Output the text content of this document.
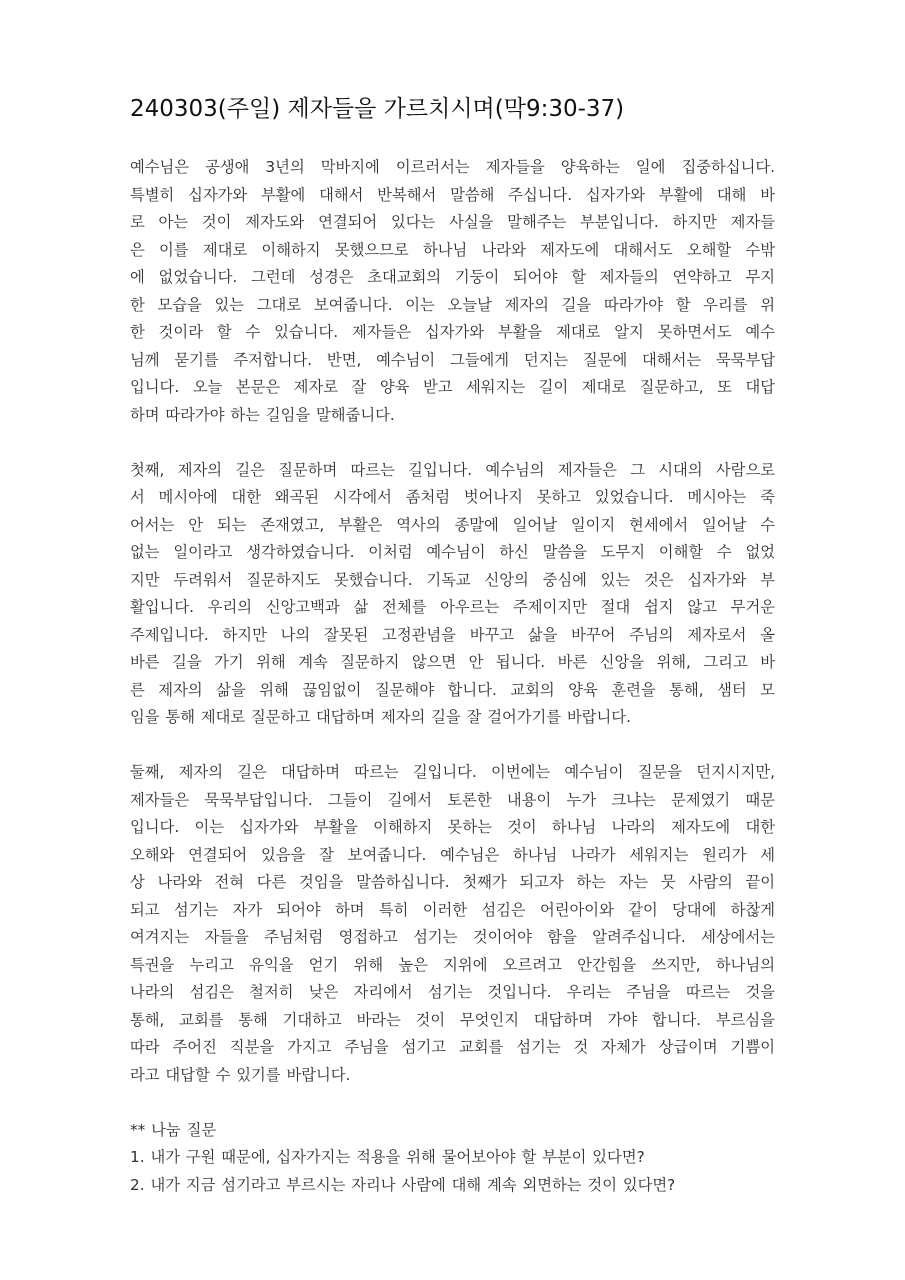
240303(주일) 제자들을 가르치시며(막9:30-37)
예수님은 공생애 3년의 막바지에 이르러서는 제자들을 양육하는 일에 집중하십니다.
특별히 십자가와 부활에 대해서 반복해서 말씀해 주십니다. 십자가와 부활에 대해 바
로 아는 것이 제자도와 연결되어 있다는 사실을 말해주는 부분입니다. 하지만 제자들
은 이를 제대로 이해하지 못했으므로 하나님 나라와 제자도에 대해서도 오해할 수밖
에 없었습니다. 그런데 성경은 초대교회의 기둥이 되어야 할 제자들의 연약하고 무지
한 모습을 있는 그대로 보여줍니다. 이는 오늘날 제자의 길을 따라가야 할 우리를 위
한 것이라 할 수 있습니다. 제자들은 십자가와 부활을 제대로 알지 못하면서도 예수
님께 묻기를 주저합니다. 반면, 예수님이 그들에게 던지는 질문에 대해서는 묵묵부답
입니다. 오늘 본문은 제자로 잘 양육 받고 세워지는 길이 제대로 질문하고, 또 대답
하며 따라가야 하는 길임을 말해줍니다.
첫째, 제자의 길은 질문하며 따르는 길입니다. 예수님의 제자들은 그 시대의 사람으로
서 메시아에 대한 왜곡된 시각에서 좀처럼 벗어나지 못하고 있었습니다. 메시아는 죽
어서는 안 되는 존재였고, 부활은 역사의 종말에 일어날 일이지 현세에서 일어날 수
없는 일이라고 생각하였습니다. 이처럼 예수님이 하신 말씀을 도무지 이해할 수 없었
지만 두려워서 질문하지도 못했습니다. 기독교 신앙의 중심에 있는 것은 십자가와 부
활입니다. 우리의 신앙고백과 삶 전체를 아우르는 주제이지만 절대 쉽지 않고 무거운
주제입니다. 하지만 나의 잘못된 고정관념을 바꾸고 삶을 바꾸어 주님의 제자로서 올
바른 길을 가기 위해 계속 질문하지 않으면 안 됩니다. 바른 신앙을 위해, 그리고 바
른 제자의 삶을 위해 끊임없이 질문해야 합니다. 교회의 양육 훈련을 통해, 샘터 모
임을 통해 제대로 질문하고 대답하며 제자의 길을 잘 걸어가기를 바랍니다.
둘째, 제자의 길은 대답하며 따르는 길입니다. 이번에는 예수님이 질문을 던지시지만,
제자들은 묵묵부답입니다. 그들이 길에서 토론한 내용이 누가 크냐는 문제였기 때문
입니다. 이는 십자가와 부활을 이해하지 못하는 것이 하나님 나라의 제자도에 대한
오해와 연결되어 있음을 잘 보여줍니다. 예수님은 하나님 나라가 세워지는 원리가 세
상 나라와 전혀 다른 것임을 말씀하십니다. 첫째가 되고자 하는 자는 뭇 사람의 끝이
되고 섬기는 자가 되어야 하며 특히 이러한 섬김은 어린아이와 같이 당대에 하찮게
여겨지는 자들을 주님처럼 영접하고 섬기는 것이어야 함을 알려주십니다. 세상에서는
특권을 누리고 유익을 얻기 위해 높은 지위에 오르려고 안간힘을 쓰지만, 하나님의
나라의 섬김은 철저히 낮은 자리에서 섬기는 것입니다. 우리는 주님을 따르는 것을
통해, 교회를 통해 기대하고 바라는 것이 무엇인지 대답하며 가야 합니다. 부르심을
따라 주어진 직분을 가지고 주님을 섬기고 교회를 섬기는 것 자체가 상급이며 기쁨이
라고 대답할 수 있기를 바랍니다.
** 나눔 질문
1. 내가 구원 때문에, 십자가지는 적용을 위해 물어보아야 할 부분이 있다면?
2. 내가 지금 섬기라고 부르시는 자리나 사람에 대해 계속 외면하는 것이 있다면?
